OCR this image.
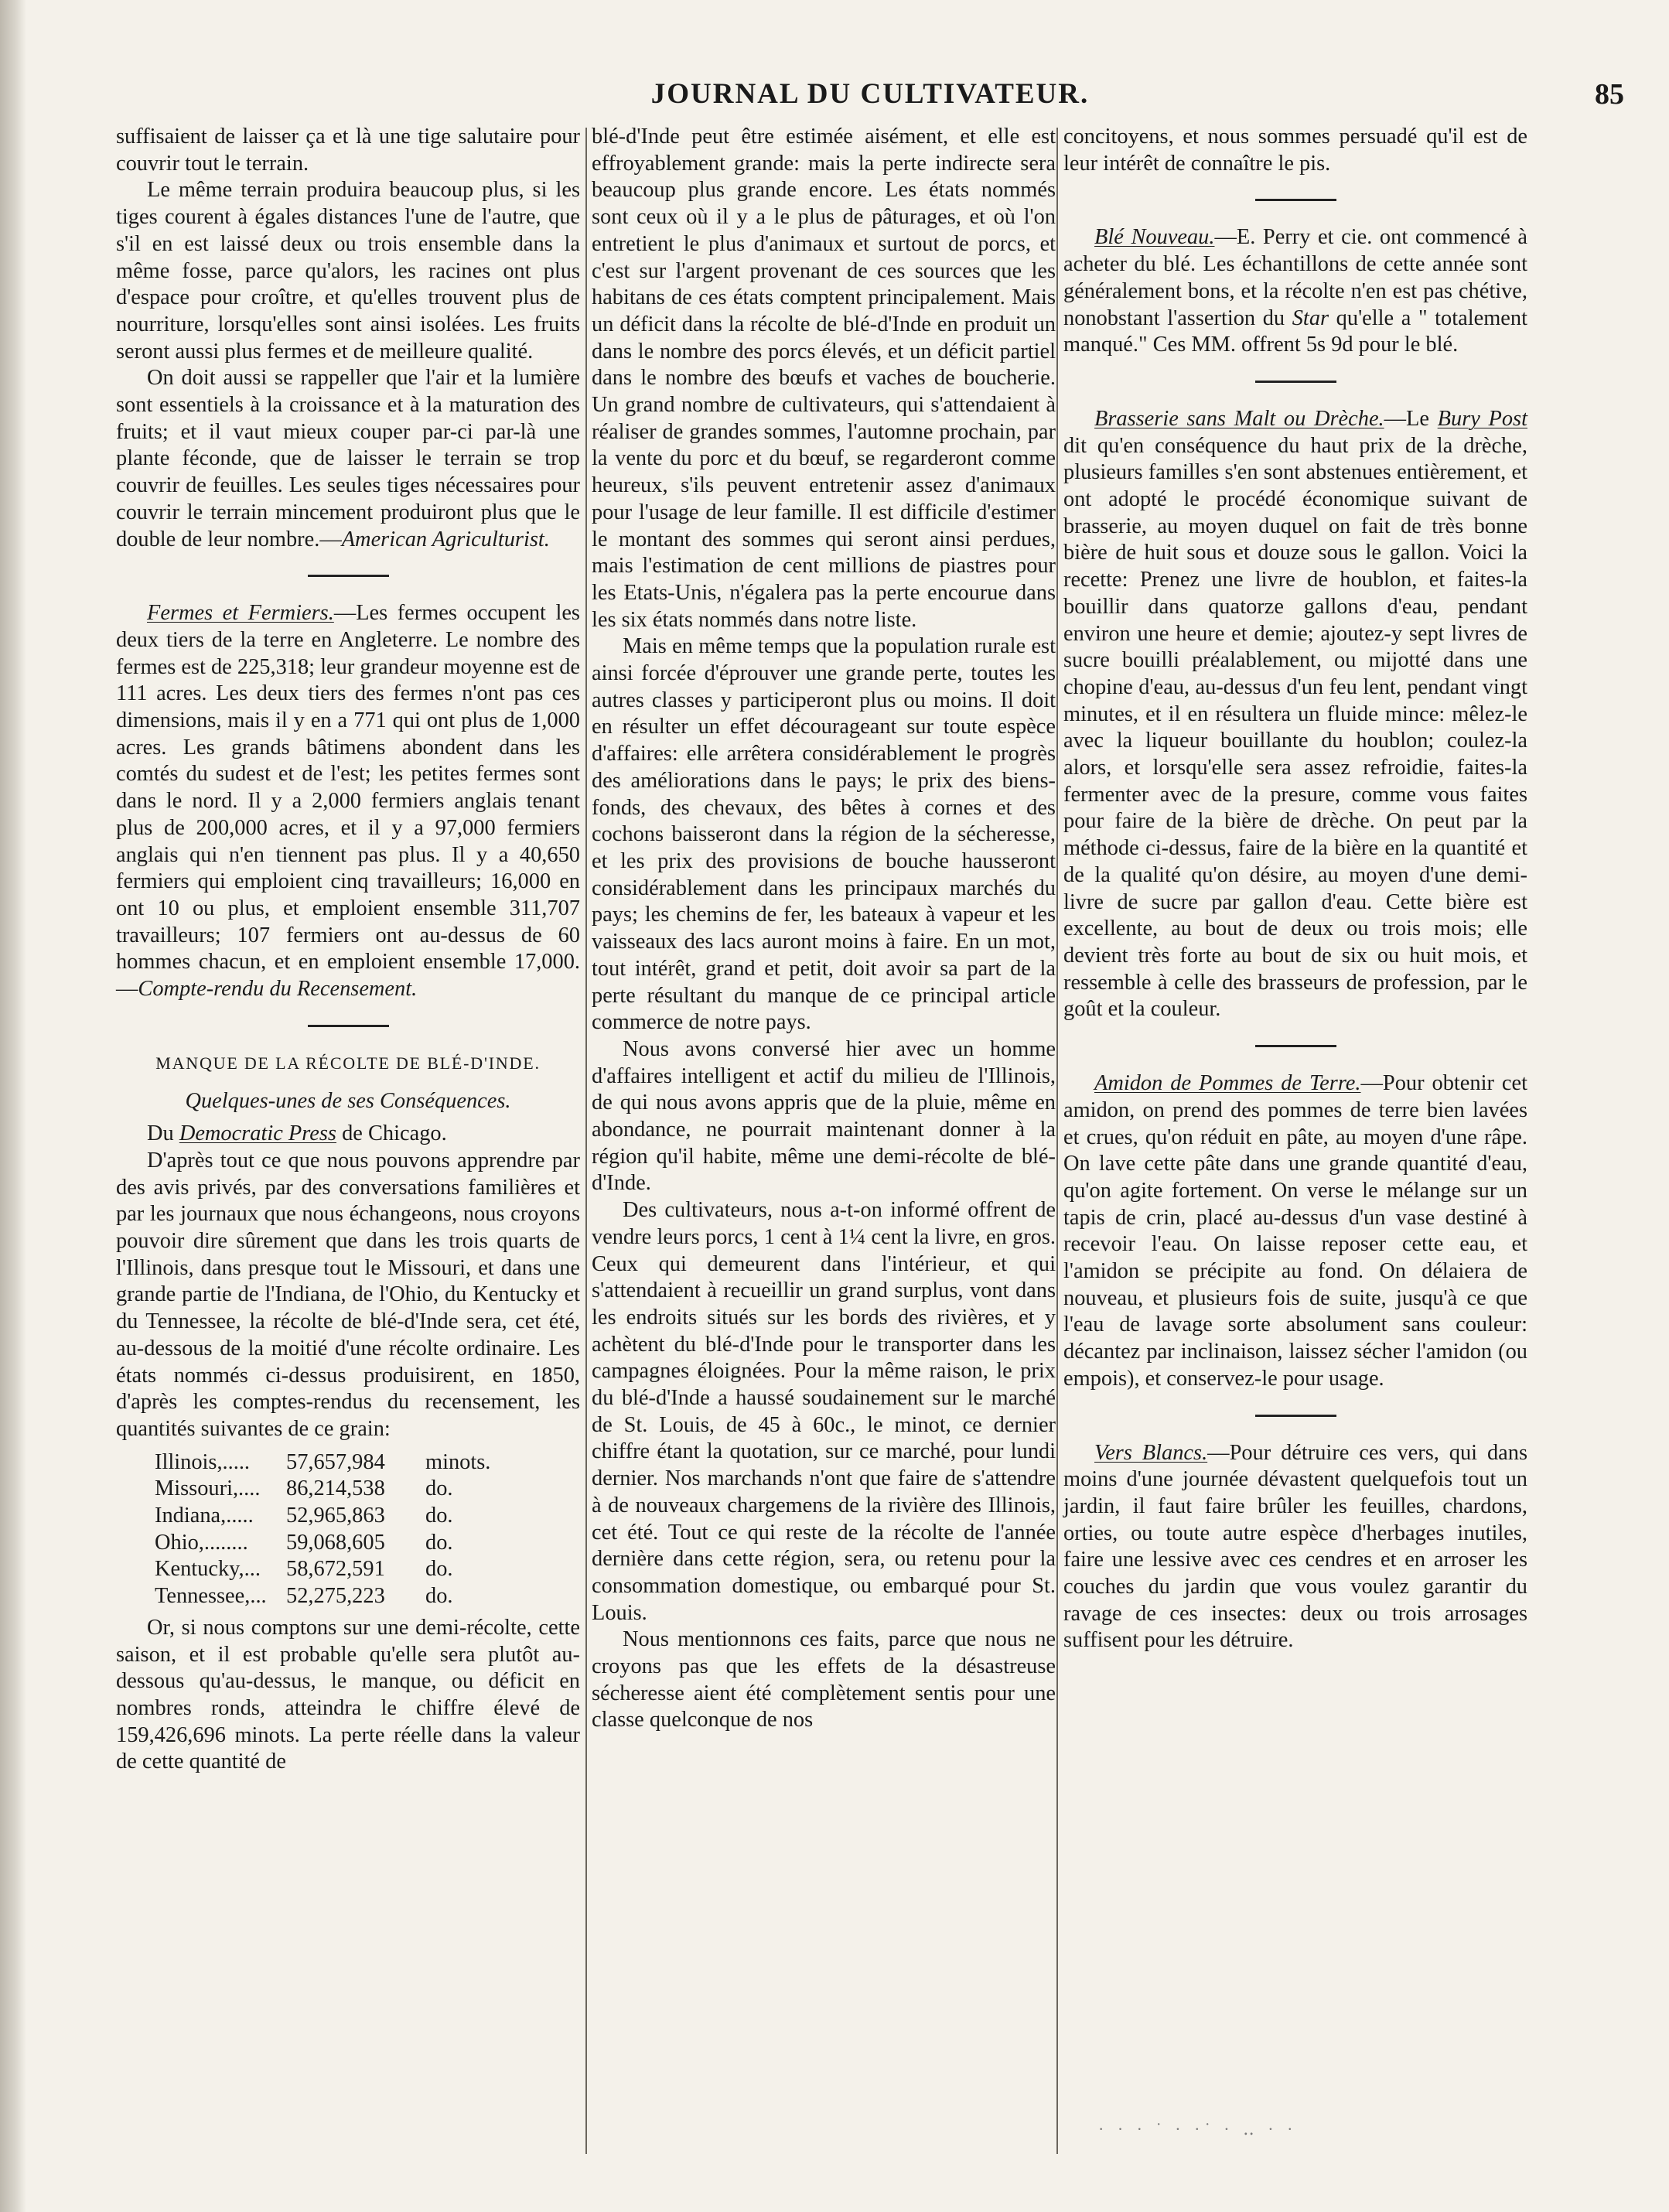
JOURNAL DU CULTIVATEUR.	85

suffisaient de laisser ça et là une tige salutaire pour couvrir tout le terrain.

Le même terrain produira beaucoup plus, si les tiges courent à égales distances l'une de l'autre, que s'il en est laissé deux ou trois ensemble dans la même fosse, parce qu'alors, les racines ont plus d'espace pour croître, et qu'elles trouvent plus de nourriture, lorsqu'elles sont ainsi isolées. Les fruits seront aussi plus fermes et de meilleure qualité.

On doit aussi se rappeller que l'air et la lumière sont essentiels à la croissance et à la maturation des fruits; et il vaut mieux couper par-ci par-là une plante féconde, que de laisser le terrain se trop couvrir de feuilles. Les seules tiges nécessaires pour couvrir le terrain mincement produiront plus que le double de leur nombre.—American Agriculturist.

Fermes et Fermiers.—Les fermes occupent les deux tiers de la terre en Angleterre. Le nombre des fermes est de 225,318; leur grandeur moyenne est de 111 acres. Les deux tiers des fermes n'ont pas ces dimensions, mais il y en a 771 qui ont plus de 1,000 acres. Les grands bâtimens abondent dans les comtés du sudest et de l'est; les petites fermes sont dans le nord. Il y a 2,000 fermiers anglais tenant plus de 200,000 acres, et il y a 97,000 fermiers anglais qui n'en tiennent pas plus. Il y a 40,650 fermiers qui emploient cinq travailleurs; 16,000 en ont 10 ou plus, et emploient ensemble 311,707 travailleurs; 107 fermiers ont au-dessus de 60 hommes chacun, et en emploient ensemble 17,000.—Compte-rendu du Recensement.

MANQUE DE LA RÉCOLTE DE BLÉ-D'INDE.

Quelques-unes de ses Conséquences.

Du Democratic Press de Chicago.

D'après tout ce que nous pouvons apprendre par des avis privés, par des conversations familières et par les journaux que nous échangeons, nous croyons pouvoir dire sûrement que dans les trois quarts de l'Illinois, dans presque tout le Missouri, et dans une grande partie de l'Indiana, de l'Ohio, du Kentucky et du Tennessee, la récolte de blé-d'Inde sera, cet été, au-dessous de la moitié d'une récolte ordinaire. Les états nommés ci-dessus produisirent, en 1850, d'après les comptes-rendus du recensement, les quantités suivantes de ce grain:

Illinois,.....	57,657,984	minots.
Missouri,....	86,214,538	do.
Indiana,.....	52,965,863	do.
Ohio,........	59,068,605	do.
Kentucky,...	58,672,591	do.
Tennessee,... 52,275,223	do.

Or, si nous comptons sur une demi-récolte, cette saison, et il est probable qu'elle sera plutôt au-dessous qu'au-dessus, le manque, ou déficit en nombres ronds, atteindra le chiffre élevé de 159,426,696 minots. La perte réelle dans la valeur de cette quantité de

blé-d'Inde peut être estimée aisément, et elle est effroyablement grande: mais la perte indirecte sera beaucoup plus grande encore. Les états nommés sont ceux où il y a le plus de pâturages, et où l'on entretient le plus d'animaux et surtout de porcs, et c'est sur l'argent provenant de ces sources que les habitans de ces états comptent principalement. Mais un déficit dans la récolte de blé-d'Inde en produit un dans le nombre des porcs élevés, et un déficit partiel dans le nombre des bœufs et vaches de boucherie. Un grand nombre de cultivateurs, qui s'attendaient à réaliser de grandes sommes, l'automne prochain, par la vente du porc et du bœuf, se regarderont comme heureux, s'ils peuvent entretenir assez d'animaux pour l'usage de leur famille. Il est difficile d'estimer le montant des sommes qui seront ainsi perdues, mais l'estimation de cent millions de piastres pour les Etats-Unis, n'égalera pas la perte encourue dans les six états nommés dans notre liste.

Mais en même temps que la population rurale est ainsi forcée d'éprouver une grande perte, toutes les autres classes y participeront plus ou moins. Il doit en résulter un effet décourageant sur toute espèce d'affaires: elle arrêtera considérablement le progrès des améliorations dans le pays; le prix des biens-fonds, des chevaux, des bêtes à cornes et des cochons baisseront dans la région de la sécheresse, et les prix des provisions de bouche hausseront considérablement dans les principaux marchés du pays; les chemins de fer, les bateaux à vapeur et les vaisseaux des lacs auront moins à faire. En un mot, tout intérêt, grand et petit, doit avoir sa part de la perte résultant du manque de ce principal article commerce de notre pays.

Nous avons conversé hier avec un homme d'affaires intelligent et actif du milieu de l'Illinois, de qui nous avons appris que de la pluie, même en abondance, ne pourrait maintenant donner à la région qu'il habite, même une demi-récolte de blé-d'Inde.

Des cultivateurs, nous a-t-on informé offrent de vendre leurs porcs, 1 cent à 1¼ cent la livre, en gros. Ceux qui demeurent dans l'intérieur, et qui s'attendaient à recueillir un grand surplus, vont dans les endroits situés sur les bords des rivières, et y achètent du blé-d'Inde pour le transporter dans les campagnes éloignées. Pour la même raison, le prix du blé-d'Inde a haussé soudainement sur le marché de St. Louis, de 45 à 60c., le minot, ce dernier chiffre étant la quotation, sur ce marché, pour lundi dernier. Nos marchands n'ont que faire de s'attendre à de nouveaux chargemens de la rivière des Illinois, cet été. Tout ce qui reste de la récolte de l'année dernière dans cette région, sera, ou retenu pour la consommation domestique, ou embarqué pour St. Louis.

Nous mentionnons ces faits, parce que nous ne croyons pas que les effets de la désastreuse sécheresse aient été complètement sentis pour une classe quelconque de nos

concitoyens, et nous sommes persuadé qu'il est de leur intérêt de connaître le pis.

Blé Nouveau.—E. Perry et cie. ont commencé à acheter du blé. Les échantillons de cette année sont généralement bons, et la récolte n'en est pas chétive, nonobstant l'assertion du Star qu'elle a " totalement manqué." Ces MM. offrent 5s 9d pour le blé.

Brasserie sans Malt ou Drèche.—Le Bury Post dit qu'en conséquence du haut prix de la drèche, plusieurs familles s'en sont abstenues entièrement, et ont adopté le procédé économique suivant de brasserie, au moyen duquel on fait de très bonne bière de huit sous et douze sous le gallon. Voici la recette: Prenez une livre de houblon, et faites-la bouillir dans quatorze gallons d'eau, pendant environ une heure et demie; ajoutez-y sept livres de sucre bouilli préalablement, ou mijotté dans une chopine d'eau, au-dessus d'un feu lent, pendant vingt minutes, et il en résultera un fluide mince: mêlez-le avec la liqueur bouillante du houblon; coulez-la alors, et lorsqu'elle sera assez refroidie, faites-la fermenter avec de la presure, comme vous faites pour faire de la bière de drèche. On peut par la méthode ci-dessus, faire de la bière en la quantité et de la qualité qu'on désire, au moyen d'une demi-livre de sucre par gallon d'eau. Cette bière est excellente, au bout de deux ou trois mois; elle devient très forte au bout de six ou huit mois, et ressemble à celle des brasseurs de profession, par le goût et la couleur.

Amidon de Pommes de Terre.—Pour obtenir cet amidon, on prend des pommes de terre bien lavées et crues, qu'on réduit en pâte, au moyen d'une râpe. On lave cette pâte dans une grande quantité d'eau, qu'on agite fortement. On verse le mélange sur un tapis de crin, placé au-dessus d'un vase destiné à recevoir l'eau. On laisse reposer cette eau, et l'amidon se précipite au fond. On délaiera de nouveau, et plusieurs fois de suite, jusqu'à ce que l'eau de lavage sorte absolument sans couleur: décantez par inclinaison, laissez sécher l'amidon (ou empois), et conservez-le pour usage.

Vers Blancs.—Pour détruire ces vers, qui dans moins d'une journée dévastent quelquefois tout un jardin, il faut faire brûler les feuilles, chardons, orties, ou toute autre espèce d'herbages inutiles, faire une lessive avec ces cendres et en arroser les couches du jardin que vous voulez garantir du ravage de ces insectes: deux ou trois arrosages suffisent pour les détruire.

· · · ˙ · ·˙ · ‥ · ·
